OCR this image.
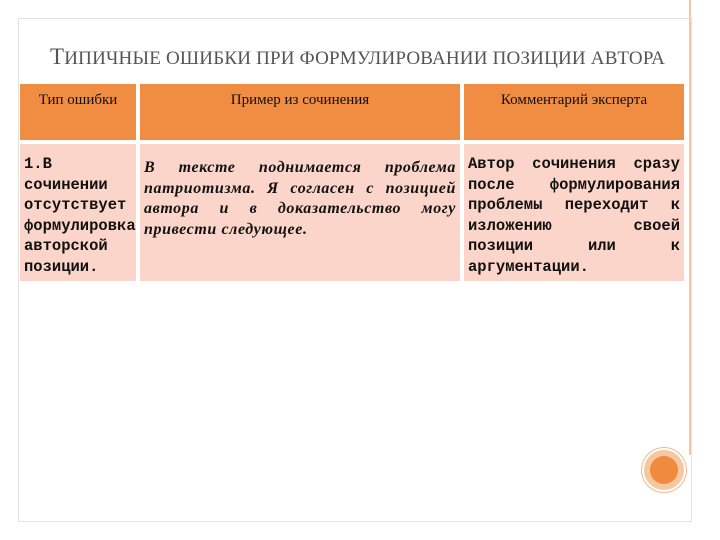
ТИПИЧНЫЕ ОШИБКИ ПРИ ФОРМУЛИРОВАНИИ ПОЗИЦИИ АВТОРА
Тип ошибки	Пример из сочинения	Комментарий эксперта
1.В сочинении отсутствует формулировка авторской позиции.	В тексте поднимается проблема патриотизма. Я согласен с позицией автора и в доказательство могу привести следующее.	Автор сочинения сразу после формулирования проблемы переходит к изложению своей позиции или к аргументации.
